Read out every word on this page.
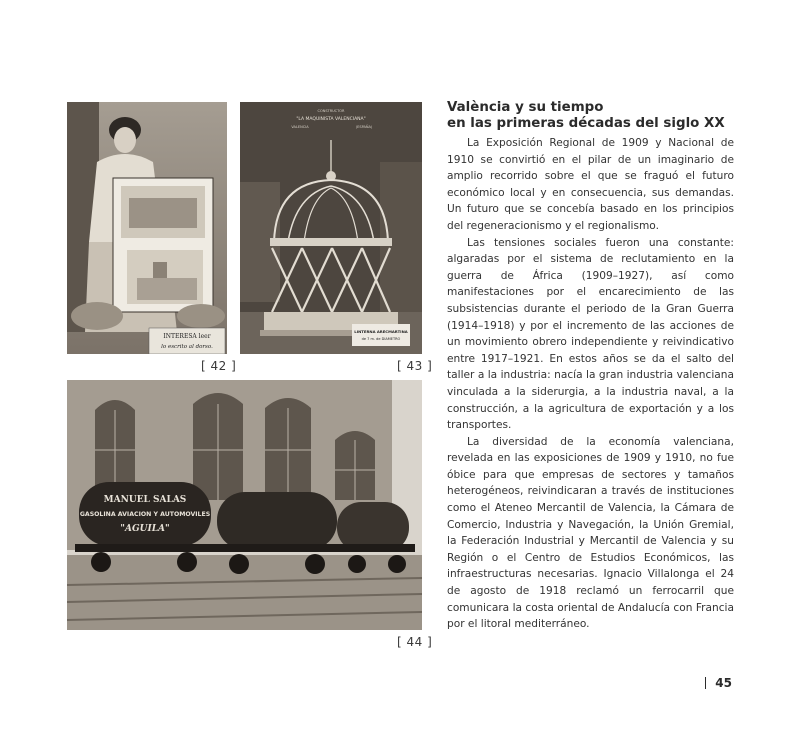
INTERESA leer
lo escrito al dorso.
CONSTRUCTOR
"LA MAQUINISTA VALENCIANA"
VALENCIA	(ESPAÑA)
LINTERNA ARECMARTINA
de 7 m. de DIAMETRO
[ 42 ]	[ 43 ]
MANUEL SALAS
GASOLINA AVIACION Y AUTOMOVILES
"AGUILA"
[ 44 ]
València y su tiempo
en las primeras décadas del siglo XX

La Exposición Regional de 1909 y Nacional de 1910 se convirtió en el pilar de un imaginario de amplio recorrido sobre el que se fraguó el futuro económico local y en consecuencia, sus demandas. Un futuro que se concebía basado en los principios del regeneracionismo y el regionalismo.

Las tensiones sociales fueron una constante: algaradas por el sistema de reclutamiento en la guerra de África (1909–1927), así como manifestaciones por el encarecimiento de las subsistencias durante el periodo de la Gran Guerra (1914–1918) y por el incremento de las acciones de un movimiento obrero independiente y reivindicativo entre 1917–1921. En estos años se da el salto del taller a la industria: nacía la gran industria valenciana vinculada a la siderurgia, a la industria naval, a la construcción, a la agricultura de exportación y a los transportes.

La diversidad de la economía valenciana, revelada en las exposiciones de 1909 y 1910, no fue óbice para que empresas de sectores y tamaños heterogéneos, reivindicaran a través de instituciones como el Ateneo Mercantil de Valencia, la Cámara de Comercio, Industria y Navegación, la Unión Gremial, la Federación Industrial y Mercantil de Valencia y su Región o el Centro de Estudios Económicos, las infraestructuras necesarias. Ignacio Villalonga el 24 de agosto de 1918 reclamó un ferrocarril que comunicara la costa oriental de Andalucía con Francia por el litoral mediterráneo.

45
